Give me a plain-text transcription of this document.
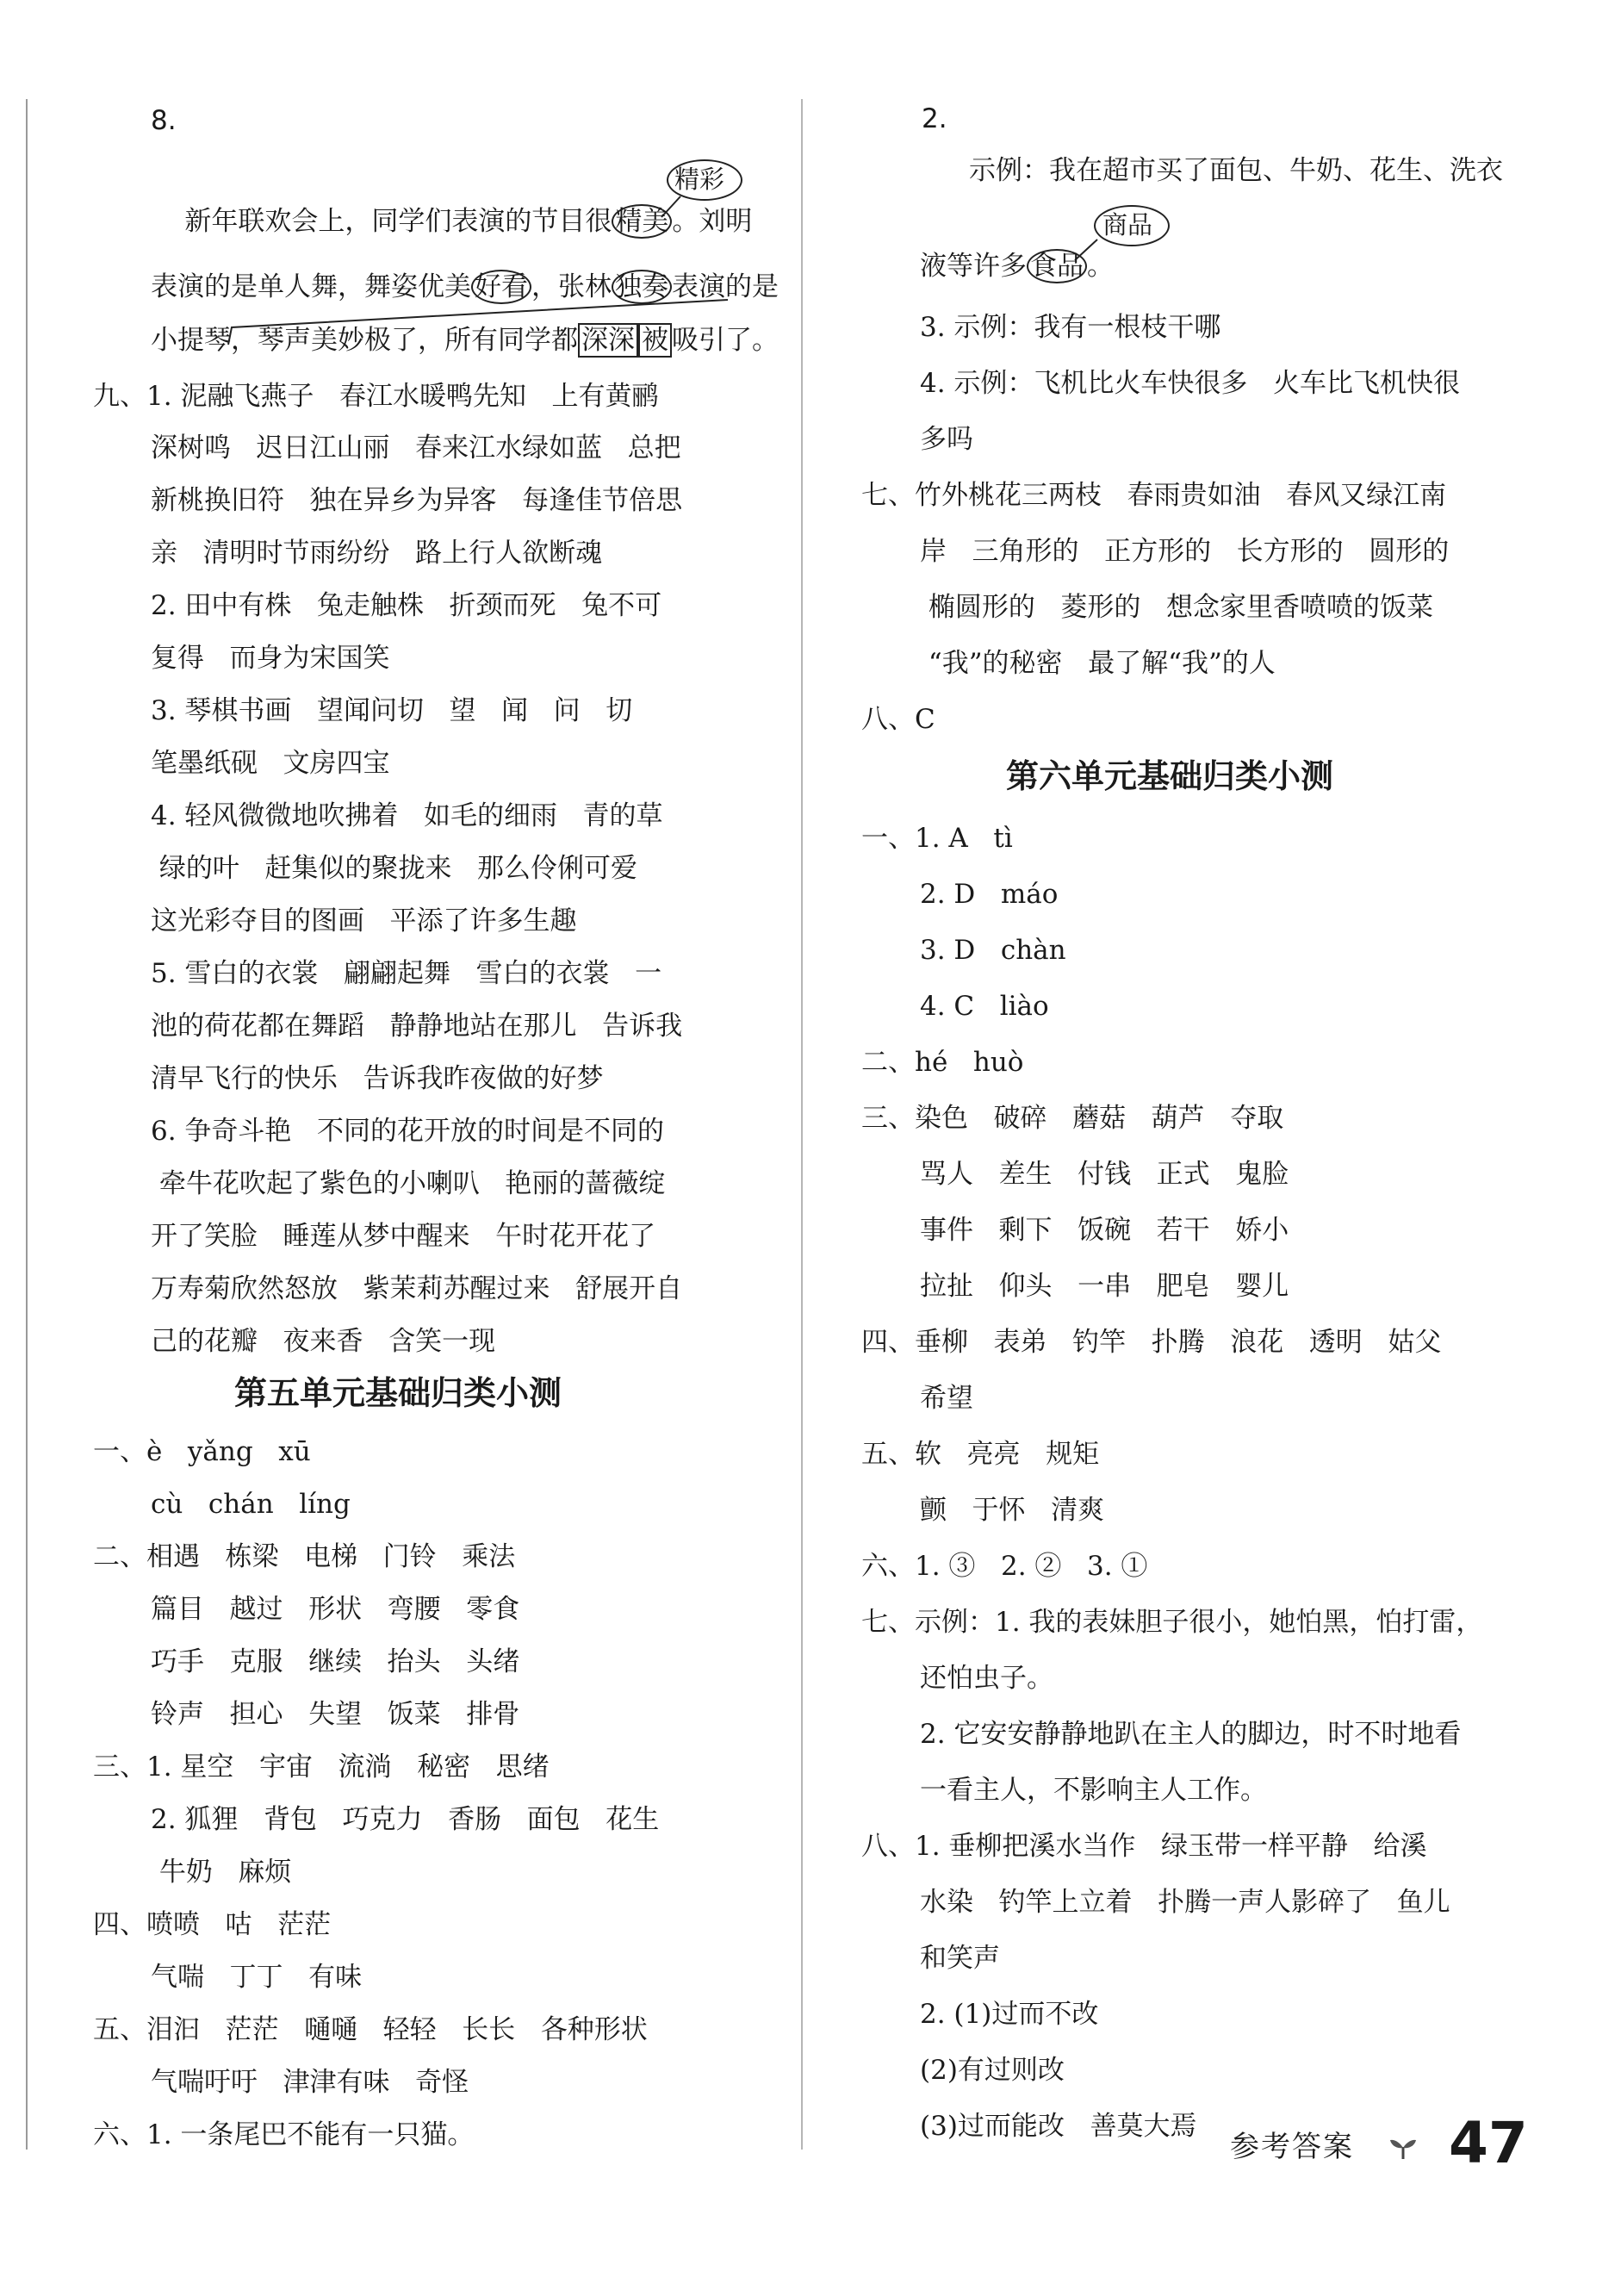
8.
精彩
新年联欢会上，同学们表演的节目很 精美 。刘明
表演的是单人舞，舞姿优美 好看 ，张林 独奏 表演的是
小提琴，琴声美妙极了，所有同学都 深深 被 吸引了。
九、1. 泥融飞燕子   春江水暖鸭先知   上有黄鹂
深树鸣   迟日江山丽   春来江水绿如蓝   总把
新桃换旧符   独在异乡为异客   每逢佳节倍思
亲   清明时节雨纷纷   路上行人欲断魂
2. 田中有株   兔走触株   折颈而死   兔不可
复得   而身为宋国笑
3. 琴棋书画   望闻问切   望   闻   问   切
笔墨纸砚   文房四宝
4. 轻风微微地吹拂着   如毛的细雨   青的草
绿的叶   赶集似的聚拢来   那么伶俐可爱
这光彩夺目的图画   平添了许多生趣
5. 雪白的衣裳   翩翩起舞   雪白的衣裳   一
池的荷花都在舞蹈   静静地站在那儿   告诉我
清早飞行的快乐   告诉我昨夜做的好梦
6. 争奇斗艳   不同的花开放的时间是不同的
牵牛花吹起了紫色的小喇叭   艳丽的蔷薇绽
开了笑脸   睡莲从梦中醒来   午时花开花了
万寿菊欣然怒放   紫茉莉苏醒过来   舒展开自
己的花瓣   夜来香   含笑一现
第五单元基础归类小测
一、è   yǎng   xū
cù   chán   líng
二、相遇   栋梁   电梯   门铃   乘法
篇目   越过   形状   弯腰   零食
巧手   克服   继续   抬头   头绪
铃声   担心   失望   饭菜   排骨
三、1. 星空   宇宙   流淌   秘密   思绪
2. 狐狸   背包   巧克力   香肠   面包   花生
牛奶   麻烦
四、喷喷   咕   茫茫
气喘   丁丁   有味
五、泪汩   茫茫   嗵嗵   轻轻   长长   各种形状
气喘吁吁   津津有味   奇怪
六、1. 一条尾巴不能有一只猫。
2.
示例：我在超市买了面包、牛奶、花生、洗衣
商品
液等许多 食品 。
3. 示例：我有一根枝干哪
4. 示例：飞机比火车快很多   火车比飞机快很
多吗
七、竹外桃花三两枝   春雨贵如油   春风又绿江南
岸   三角形的   正方形的   长方形的   圆形的
椭圆形的   菱形的   想念家里香喷喷的饭菜
“我”的秘密   最了解“我”的人
八、C
第六单元基础归类小测
一、1. A   tì
2. D   máo
3. D   chàn
4. C   liào
二、hé   huò
三、染色   破碎   蘑菇   葫芦   夺取
骂人   差生   付钱   正式   鬼脸
事件   剩下   饭碗   若干   娇小
拉扯   仰头   一串   肥皂   婴儿
四、垂柳   表弟   钓竿   扑腾   浪花   透明   姑父
希望
五、软   亮亮   规矩
颤   于怀   清爽
六、1. ③   2. ②   3. ①
七、示例：1. 我的表妹胆子很小，她怕黑，怕打雷，
还怕虫子。
2. 它安安静静地趴在主人的脚边，时不时地看
一看主人，不影响主人工作。
八、1. 垂柳把溪水当作   绿玉带一样平静   给溪
水染   钓竿上立着   扑腾一声人影碎了   鱼儿
和笑声
2. (1)过而不改
(2)有过则改
(3)过而能改   善莫大焉
参考答案 47
